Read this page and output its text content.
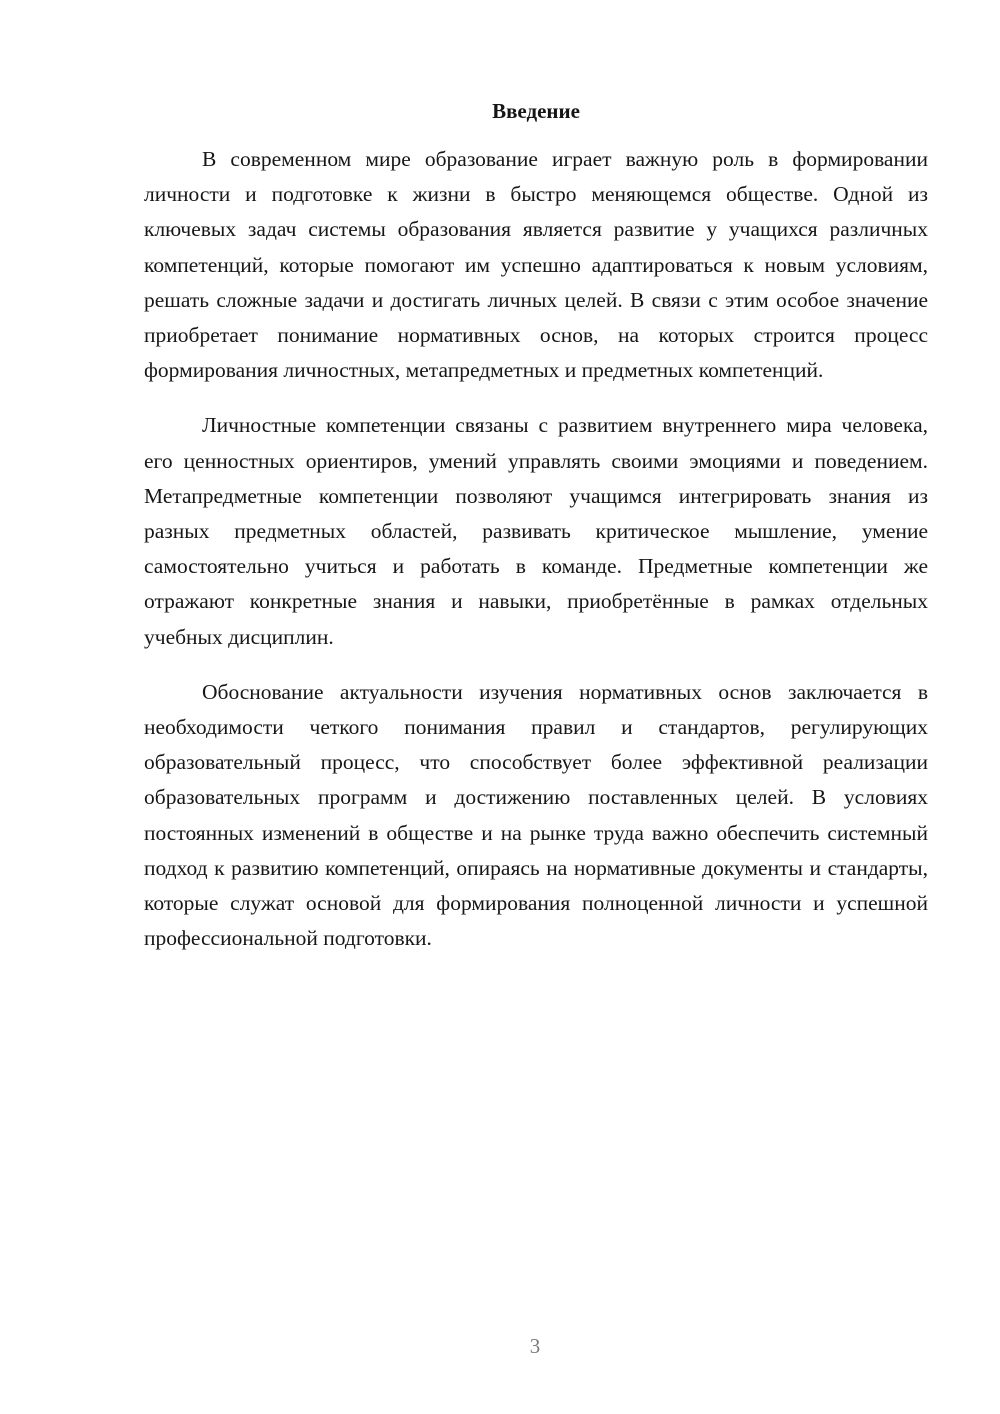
Введение

В современном мире образование играет важную роль в формировании личности и подготовке к жизни в быстро меняющемся обществе. Одной из ключевых задач системы образования является развитие у учащихся различных компетенций, которые помогают им успешно адаптироваться к новым условиям, решать сложные задачи и достигать личных целей. В связи с этим особое значение приобретает понимание нормативных основ, на которых строится процесс формирования личностных, метапредметных и предметных компетенций.

Личностные компетенции связаны с развитием внутреннего мира человека, его ценностных ориентиров, умений управлять своими эмоциями и поведением. Метапредметные компетенции позволяют учащимся интегрировать знания из разных предметных областей, развивать критическое мышление, умение самостоятельно учиться и работать в команде. Предметные компетенции же отражают конкретные знания и навыки, приобретённые в рамках отдельных учебных дисциплин.

Обоснование актуальности изучения нормативных основ заключается в необходимости четкого понимания правил и стандартов, регулирующих образовательный процесс, что способствует более эффективной реализации образовательных программ и достижению поставленных целей. В условиях постоянных изменений в обществе и на рынке труда важно обеспечить системный подход к развитию компетенций, опираясь на нормативные документы и стандарты, которые служат основой для формирования полноценной личности и успешной профессиональной подготовки.

3
